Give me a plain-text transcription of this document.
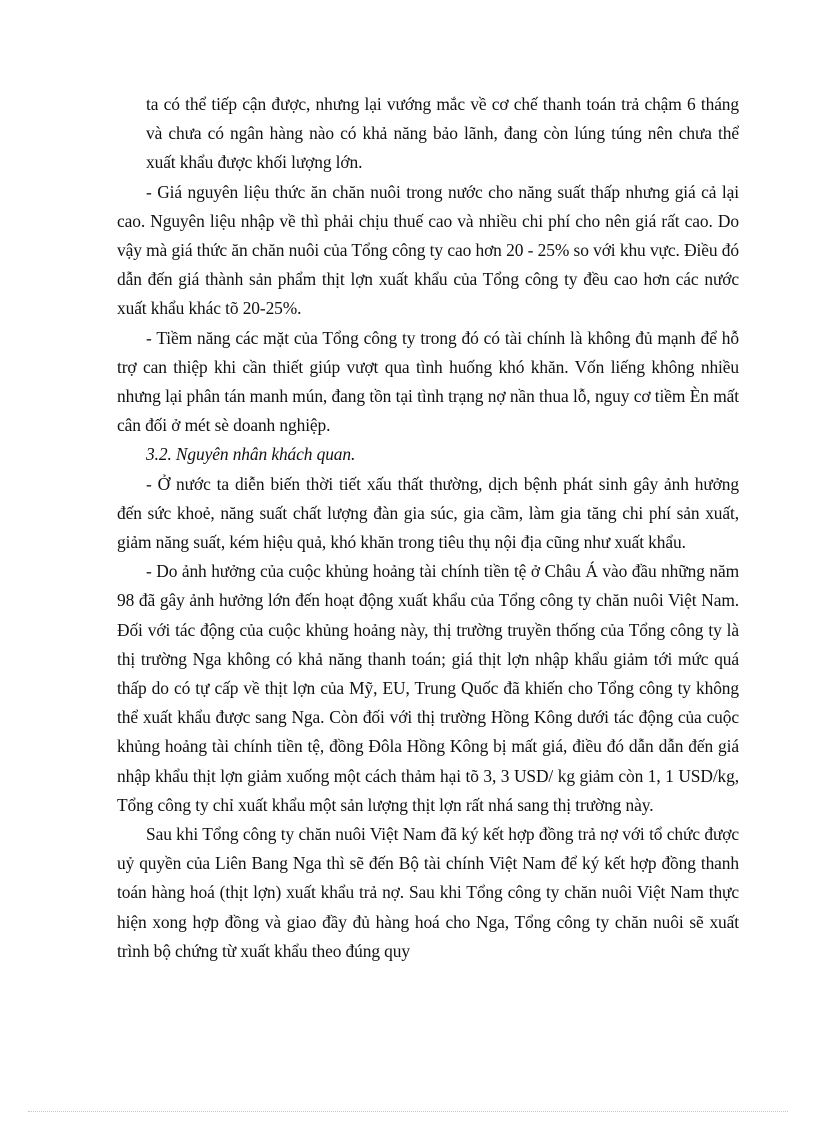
ta có thể tiếp cận được, nhưng lại vướng mắc về cơ chế thanh toán trả chậm 6 tháng và chưa có ngân hàng nào có khả năng bảo lãnh, đang còn lúng túng nên chưa thể xuất khẩu được khối lượng lớn.

- Giá nguyên liệu thức ăn chăn nuôi trong nước cho năng suất thấp nhưng giá cả lại cao. Nguyên liệu nhập về thì phải chịu thuế cao và nhiều chi phí cho nên giá rất cao. Do vậy mà giá thức ăn chăn nuôi của Tổng công ty cao hơn 20 - 25% so với khu vực. Điều đó dẫn đến giá thành sản phẩm thịt lợn xuất khẩu của Tổng công ty đều cao hơn các nước xuất khẩu khác tõ 20-25%.

- Tiềm năng các mặt của Tổng công ty trong đó có tài chính là không đủ mạnh để hỗ trợ can thiệp khi cần thiết giúp vượt qua tình huống khó khăn. Vốn liếng không nhiều nhưng lại phân tán manh mún, đang tồn tại tình trạng nợ nần thua lỗ, nguy cơ tiềm Èn mất cân đối ở mét sè doanh nghiệp.

3.2. Nguyên nhân khách quan.

- Ở nước ta diễn biến thời tiết xấu thất thường, dịch bệnh phát sinh gây ảnh hưởng đến sức khoẻ, năng suất chất lượng đàn gia súc, gia cầm, làm gia tăng chi phí sản xuất, giảm năng suất, kém hiệu quả, khó khăn trong tiêu thụ nội địa cũng như xuất khẩu.

- Do ảnh hưởng của cuộc khủng hoảng tài chính tiền tệ ở Châu Á vào đầu những năm 98 đã gây ảnh hưởng lớn đến hoạt động xuất khẩu của Tổng công ty chăn nuôi Việt Nam. Đối với tác động của cuộc khủng hoảng này, thị trường truyền thống của Tổng công ty là thị trường Nga không có khả năng thanh toán; giá thịt lợn nhập khẩu giảm tới mức quá thấp do có tự cấp về thịt lợn của Mỹ, EU, Trung Quốc đã khiến cho Tổng công ty không thể xuất khẩu được sang Nga. Còn đối với thị trường Hồng Kông dưới tác động của cuộc khủng hoảng tài chính tiền tệ, đồng Đôla Hồng Kông bị mất giá, điều đó dẫn dẫn đến giá nhập khẩu thịt lợn giảm xuống một cách thảm hại tõ 3, 3 USD/ kg giảm còn 1, 1 USD/kg, Tổng công ty chỉ xuất khẩu một sản lượng thịt lợn rất nhá sang thị trường này.

Sau khi Tổng công ty chăn nuôi Việt Nam đã ký kết hợp đồng trả nợ với tổ chức được uỷ quyền của Liên Bang Nga thì sẽ đến Bộ tài chính Việt Nam để ký kết hợp đồng thanh toán hàng hoá (thịt lợn) xuất khẩu trả nợ. Sau khi Tổng công ty chăn nuôi Việt Nam thực hiện xong hợp đồng và giao đầy đủ hàng hoá cho Nga, Tổng công ty chăn nuôi sẽ xuất trình bộ chứng từ xuất khẩu theo đúng quy
